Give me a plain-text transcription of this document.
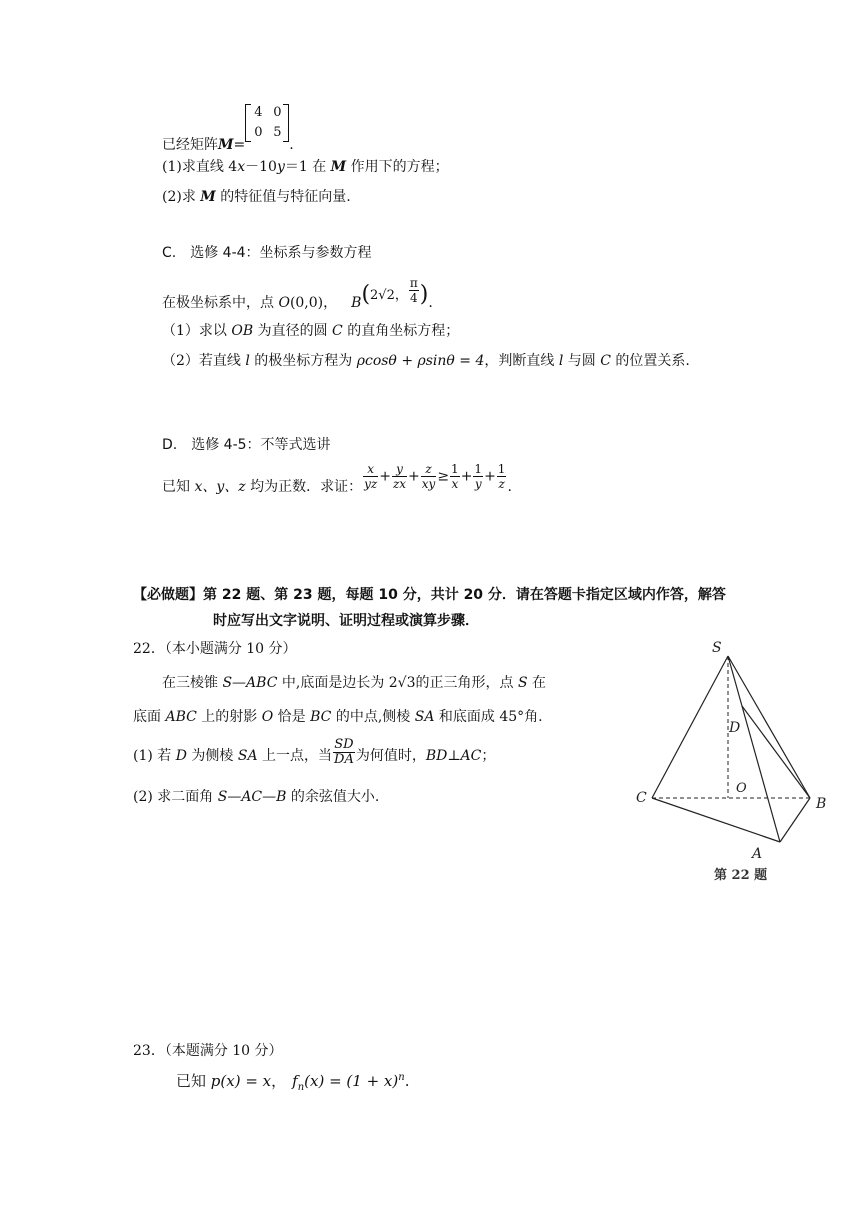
已经矩阵M=
4 0
0 5
.
(1)求直线 4x－10y＝1 在 M 作用下的方程；
(2)求 M 的特征值与特征向量.
C.　选修 4-4：坐标系与参数方程
在极坐标系中，点 O(0,0)， B(2√2， $\frac{\pi}{4}$ ).
（1）求以 OB 为直径的圆 C 的直角坐标方程；
（2）若直线 l 的极坐标方程为 ρcosθ + ρsinθ = 4，判断直线 l 与圆 C 的位置关系.
D.　选修 4-5：不等式选讲
已知 x、y、z 均为正数．求证： $\frac{x}{yz} + \frac{y}{zx} + \frac{z}{xy} \ge \frac{1}{x} + \frac{1}{y} + \frac{1}{z}$ .
【必做题】第 22 题、第 23 题，每题 10 分，共计 20 分．请在答题卡指定区域内作答，解答
时应写出文字说明、证明过程或演算步骤．
22．（本小题满分 10 分）
在三棱锥 S—ABC 中,底面是边长为 2√3的正三角形，点 S 在
底面 ABC 上的射影 O 恰是 BC 的中点,侧棱 SA 和底面成 45°角.
(1) 若 D 为侧棱 SA 上一点，当 $\frac{SD}{DA}$ 为何值时，BD⊥AC；
(2) 求二面角 S—AC—B 的余弦值大小.
S
D
O
C	B
A
第 22 题
23．（本题满分 10 分）
已知 p(x) = x， $f_n(x) = (1 + x)^n$.
